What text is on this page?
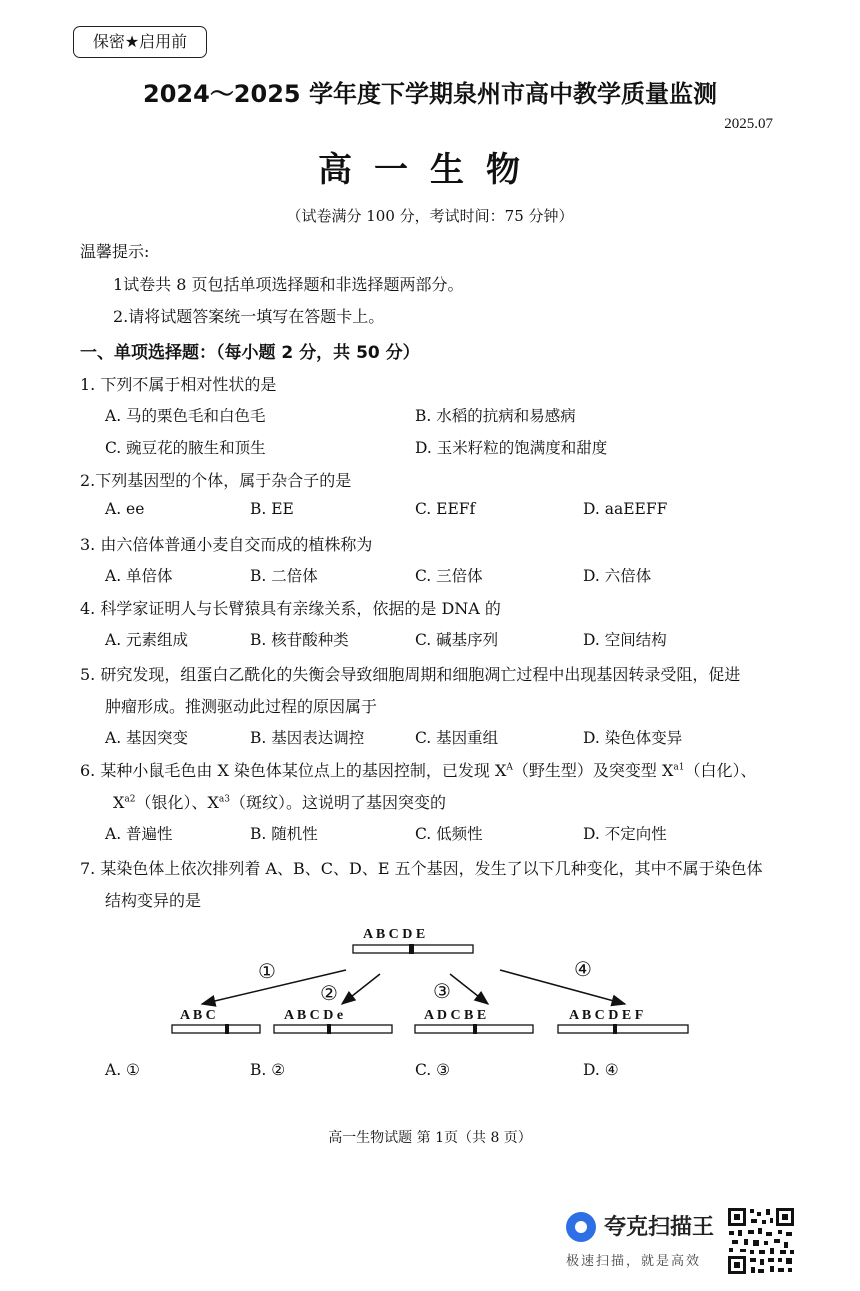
保密★启用前
2024～2025 学年度下学期泉州市高中教学质量监测
2025.07
高一生物
（试卷满分 100 分，考试时间：75 分钟）
温馨提示:
1试卷共 8 页包括单项选择题和非选择题两部分。
2.请将试题答案统一填写在答题卡上。
一、单项选择题：（每小题 2 分，共 50 分）
1. 下列不属于相对性状的是
A. 马的栗色毛和白色毛	B. 水稻的抗病和易感病
C. 豌豆花的腋生和顶生	D. 玉米籽粒的饱满度和甜度
2.下列基因型的个体，属于杂合子的是
A. ee	B. EE	C. EEFf	D. aaEEFF
3. 由六倍体普通小麦自交而成的植株称为
A. 单倍体	B. 二倍体	C. 三倍体	D. 六倍体
4. 科学家证明人与长臂猿具有亲缘关系，依据的是 DNA 的
A. 元素组成	B. 核苷酸种类	C. 碱基序列	D. 空间结构
5. 研究发现，组蛋白乙酰化的失衡会导致细胞周期和细胞凋亡过程中出现基因转录受阻，促进
肿瘤形成。推测驱动此过程的原因属于
A. 基因突变	B. 基因表达调控	C. 基因重组	D. 染色体变异
6. 某种小鼠毛色由 X 染色体某位点上的基因控制，已发现 $X^A$（野生型）及突变型 $X^{a1}$（白化）、
$X^{a2}$（银化）、$X^{a3}$（斑纹）。这说明了基因突变的
A. 普遍性	B. 随机性	C. 低频性	D. 不定向性
7. 某染色体上依次排列着 A、B、C、D、E 五个基因，发生了以下几种变化，其中不属于染色体
结构变异的是
A B C D E
①
②	③
④
A B C	A B C D e	A D C B E	A B C D E F
A. ①	B. ②	C. ③	D. ④
高一生物试题 第 1页（共 8 页）
夸克扫描王
极速扫描，就是高效
